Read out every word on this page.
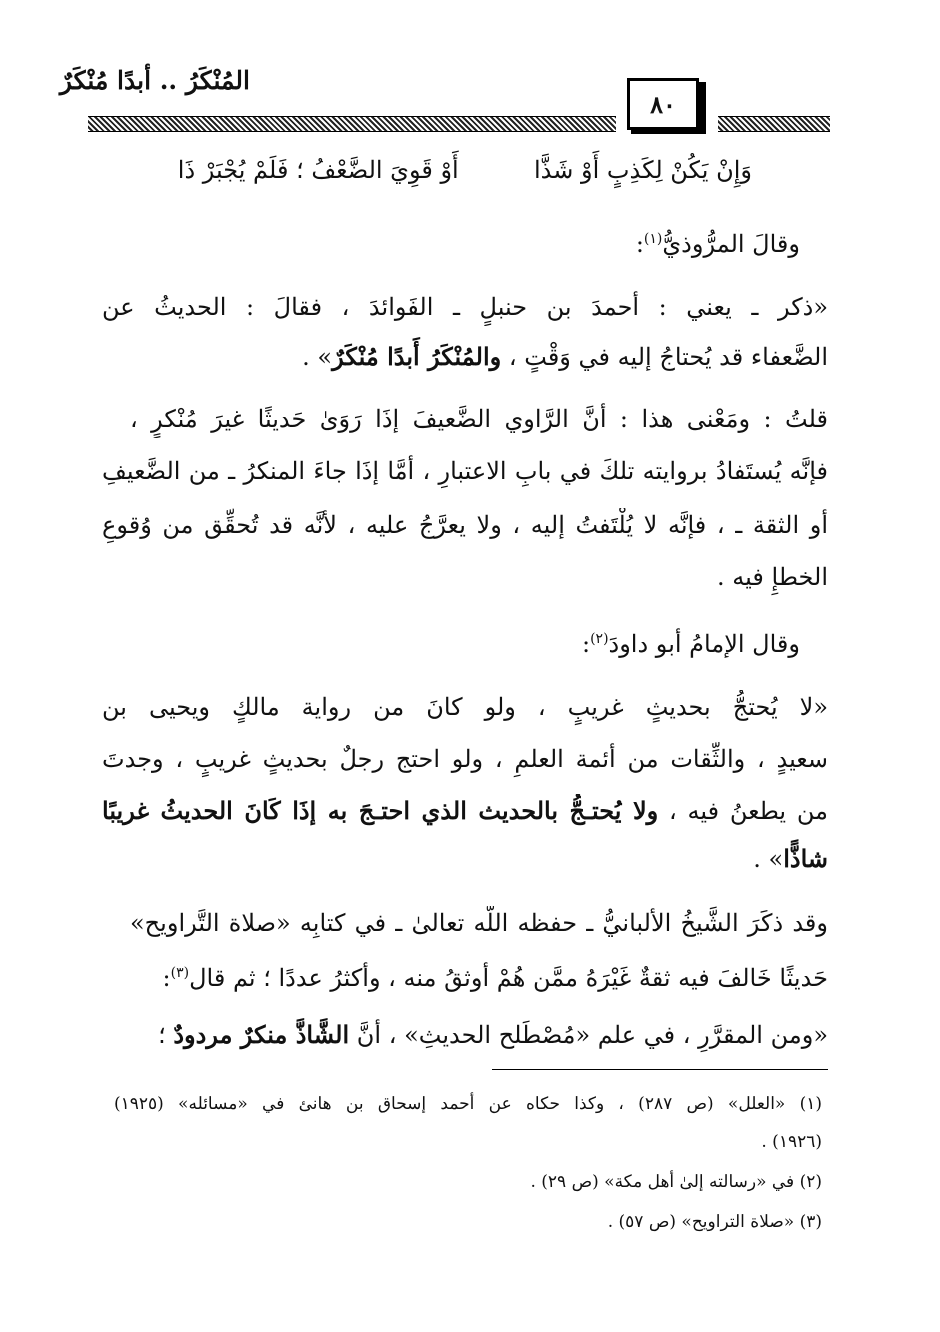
المُنْكَرُ .. أبدًا مُنْكَرٌ
٨٠
وَإِنْ يَكُنْ لِكَذِبٍ أَوْ شَذَّا  أَوْ قَوِيَ الضَّعْفُ ؛ فَلَمْ يُجْبَرْ ذَا
وقالَ المرُّوذيُّ$^{(١)}$:
«ذكر ـ يعني : أحمدَ بن حنبلٍ ـ الفَوائدَ ، فقالَ : الحديثُ عن
الضَّعفاء قد يُحتاجُ إليه في وَقْتٍ ، والمُنْكَرُ أَبدًا مُنْكَرٌ» .
قلتُ : ومَعْنى هذا : أنَّ الرَّاوي الضَّعيفَ إذَا رَوَىٰ حَديثًا غيرَ مُنْكرٍ ،
فإنَّه يُستَفادُ بروايته تلكَ في بابِ الاعتبارِ ، أمَّا إذَا جاءَ المنكرُ ـ من الضَّعيفِ
أو الثقة ـ ، فإنَّه لا يُلْتَفتُ إليه ، ولا يعرَّجُ عليه ، لأنَّه قد تُحقِّق من وُقوعِ
الخطإِ فيه .
وقال الإمامُ أبو داودَ$^{(٢)}$:
«لا يُحتجُّ بحديثٍ غريبٍ ، ولو كانَ من رواية مالكٍ ويحيى بن
سعيدٍ ، والثِّقات من أئمة العلمِ ، ولو احتج رجلٌ بحديثٍ غريبٍ ، وجدتَ
من يطعنُ فيه ، ولا يُحتـجُّ بالحديث الذي احتـجَ به إذَا كَانَ الحديثُ غريبًا
شاذًّا» .
وقد ذكَرَ الشَّيخُ الألبانيُّ ـ حفظه اللَّه تعالىٰ ـ في كتابِه «صلاة التَّراويح»
حَديثًا خَالفَ فيه ثقةٌ غَيْرَهُ ممَّن هُمْ أوثقُ منه ، وأكثرُ عددًا ؛ ثم قال$^{(٣)}$:
«ومن المقرَّرِ ، في علم «مُصْطَلح الحديثِ» ، أنَّ الشَّاذَّ منكرٌ مردودٌ ؛
(١) «العلل» (ص ٢٨٧) ، وكذا حكاه عن أحمد إسحاق بن هانئ في «مسائله» (١٩٢٥)
(١٩٢٦) .
(٢) في «رسالته إلىٰ أهل مكة» (ص ٢٩) .
(٣) «صلاة التراويح» (ص ٥٧) .
